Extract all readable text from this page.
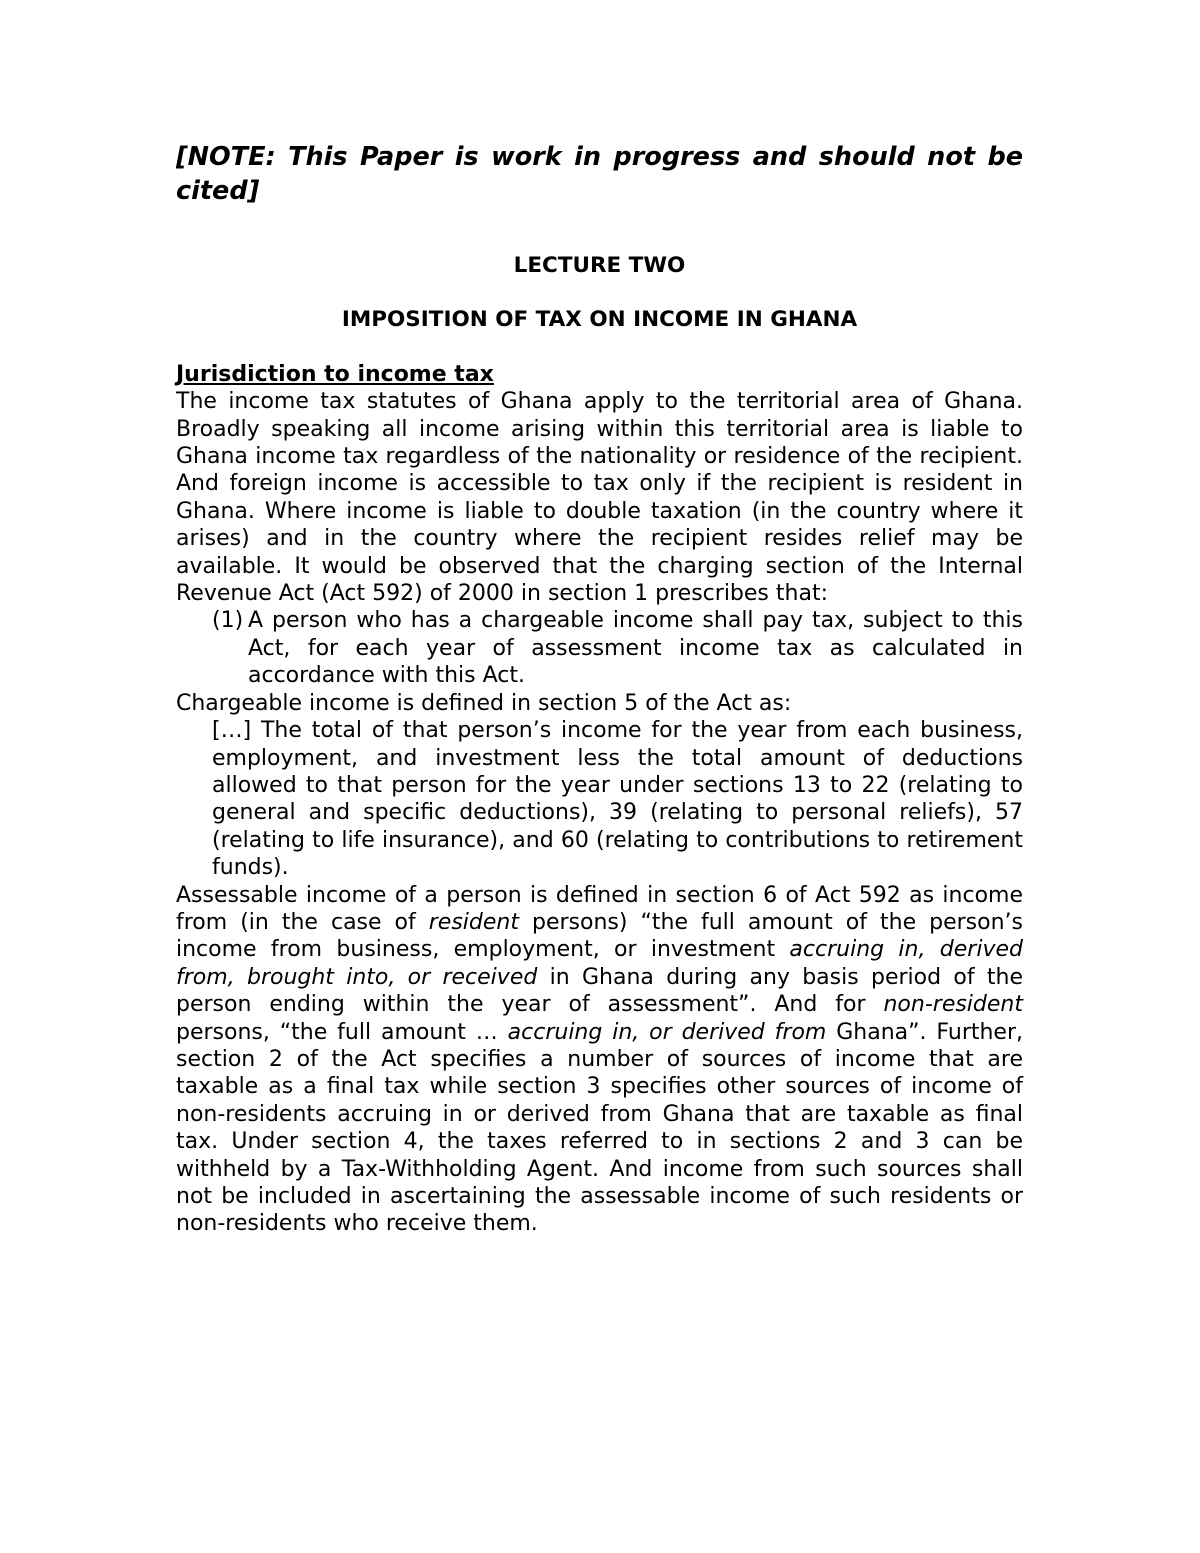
[NOTE: This Paper is work in progress and should not be cited]

LECTURE TWO

IMPOSITION OF TAX ON INCOME IN GHANA

Jurisdiction to income tax

The income tax statutes of Ghana apply to the territorial area of Ghana. Broadly speaking all income arising within this territorial area is liable to Ghana income tax regardless of the nationality or residence of the recipient. And foreign income is accessible to tax only if the recipient is resident in Ghana. Where income is liable to double taxation (in the country where it arises) and in the country where the recipient resides relief may be available. It would be observed that the charging section of the Internal Revenue Act (Act 592) of 2000 in section 1 prescribes that:

(1) A person who has a chargeable income shall pay tax, subject to this Act, for each year of assessment income tax as calculated in accordance with this Act.

Chargeable income is defined in section 5 of the Act as:

[…] The total of that person’s income for the year from each business, employment, and investment less the total amount of deductions allowed to that person for the year under sections 13 to 22 (relating to general and specific deductions), 39 (relating to personal reliefs), 57 (relating to life insurance), and 60 (relating to contributions to retirement funds).

Assessable income of a person is defined in section 6 of Act 592 as income from (in the case of resident persons) “the full amount of the person’s income from business, employment, or investment accruing in, derived from, brought into, or received in Ghana during any basis period of the person ending within the year of assessment”. And for non-resident persons, “the full amount … accruing in, or derived from Ghana”. Further, section 2 of the Act specifies a number of sources of income that are taxable as a final tax while section 3 specifies other sources of income of non-residents accruing in or derived from Ghana that are taxable as final tax. Under section 4, the taxes referred to in sections 2 and 3 can be withheld by a Tax-Withholding Agent. And income from such sources shall not be included in ascertaining the assessable income of such residents or non-residents who receive them.
